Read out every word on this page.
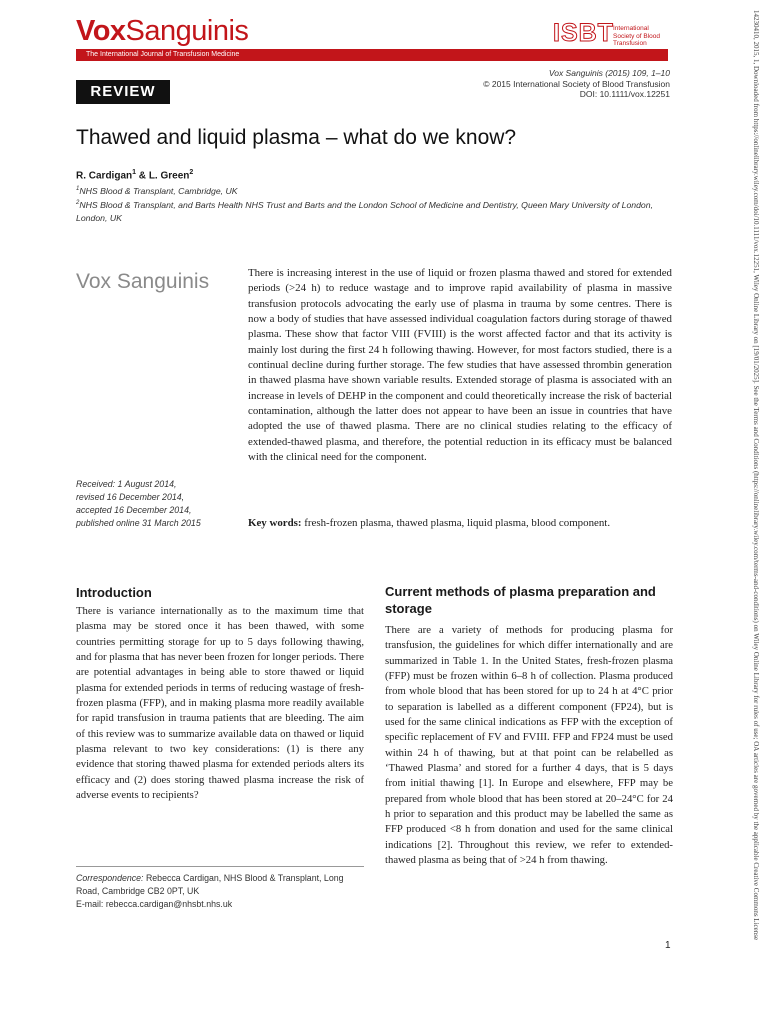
VoxSanguinis
The International Journal of Transfusion Medicine
ISBT International Society of Blood Transfusion
REVIEW
Vox Sanguinis (2015) 109, 1–10
© 2015 International Society of Blood Transfusion
DOI: 10.1111/vox.12251
Thawed and liquid plasma – what do we know?
R. Cardigan$^1$ & L. Green$^2$
$^1$NHS Blood & Transplant, Cambridge, UK
$^2$NHS Blood & Transplant, and Barts Health NHS Trust and Barts and the London School of Medicine and Dentistry, Queen Mary University of London, London, UK
Vox Sanguinis
Received: 1 August 2014,
revised 16 December 2014,
accepted 16 December 2014,
published online 31 March 2015

There is increasing interest in the use of liquid or frozen plasma thawed and stored for extended periods (>24 h) to reduce wastage and to improve rapid availability of plasma in massive transfusion protocols advocating the early use of plasma in trauma by some centres. There is now a body of studies that have assessed individual coagulation factors during storage of thawed plasma. These show that factor VIII (FVIII) is the worst affected factor and that its activity is mainly lost during the first 24 h following thawing. However, for most factors studied, there is a continual decline during further storage. The few studies that have assessed thrombin generation in thawed plasma have shown variable results. Extended storage of plasma is associated with an increase in levels of DEHP in the component and could theoretically increase the risk of bacterial contamination, although the latter does not appear to have been an issue in countries that have adopted the use of thawed plasma. There are no clinical studies relating to the efficacy of extended-thawed plasma, and therefore, the potential reduction in its efficacy must be balanced with the clinical need for the component.

Key words: fresh-frozen plasma, thawed plasma, liquid plasma, blood component.
Introduction

There is variance internationally as to the maximum time that plasma may be stored once it has been thawed, with some countries permitting storage for up to 5 days following thawing, and for plasma that has never been frozen for longer periods. There are potential advantages in being able to store thawed or liquid plasma for extended periods in terms of reducing wastage of fresh-frozen plasma (FFP), and in making plasma more readily available for rapid transfusion in trauma patients that are bleeding. The aim of this review was to summarize available data on thawed or liquid plasma relevant to two key considerations: (1) is there any evidence that storing thawed plasma for extended periods alters its efficacy and (2) does storing thawed plasma increase the risk of adverse events to recipients?

Current methods of plasma preparation and storage

There are a variety of methods for producing plasma for transfusion, the guidelines for which differ internationally and are summarized in Table 1. In the United States, fresh-frozen plasma (FFP) must be frozen within 6–8 h of collection. Plasma produced from whole blood that has been stored for up to 24 h at 4°C prior to separation is labelled as a different component (FP24), but is used for the same clinical indications as FFP with the exception of specific replacement of FV and FVIII. FFP and FP24 must be used within 24 h of thawing, but at that point can be relabelled as ‘Thawed Plasma’ and stored for a further 4 days, that is 5 days from initial thawing [1]. In Europe and elsewhere, FFP may be prepared from whole blood that has been stored at 20–24°C for 24 h prior to separation and this product may be labelled the same as FFP produced <8 h from donation and used for the same clinical indications [2]. Throughout this review, we refer to extended-thawed plasma as being that of >24 h from thawing.

Correspondence: Rebecca Cardigan, NHS Blood & Transplant, Long
Road, Cambridge CB2 0PT, UK
E-mail: rebecca.cardigan@nhsbt.nhs.uk
1
14230410, 2015, 1, Downloaded from https://onlinelibrary.wiley.com/doi/10.1111/vox.12251, Wiley Online Library on [19/01/2025]. See the Terms and Conditions (https://onlinelibrary.wiley.com/terms-and-conditions) on Wiley Online Library for rules of use; OA articles are governed by the applicable Creative Commons License
